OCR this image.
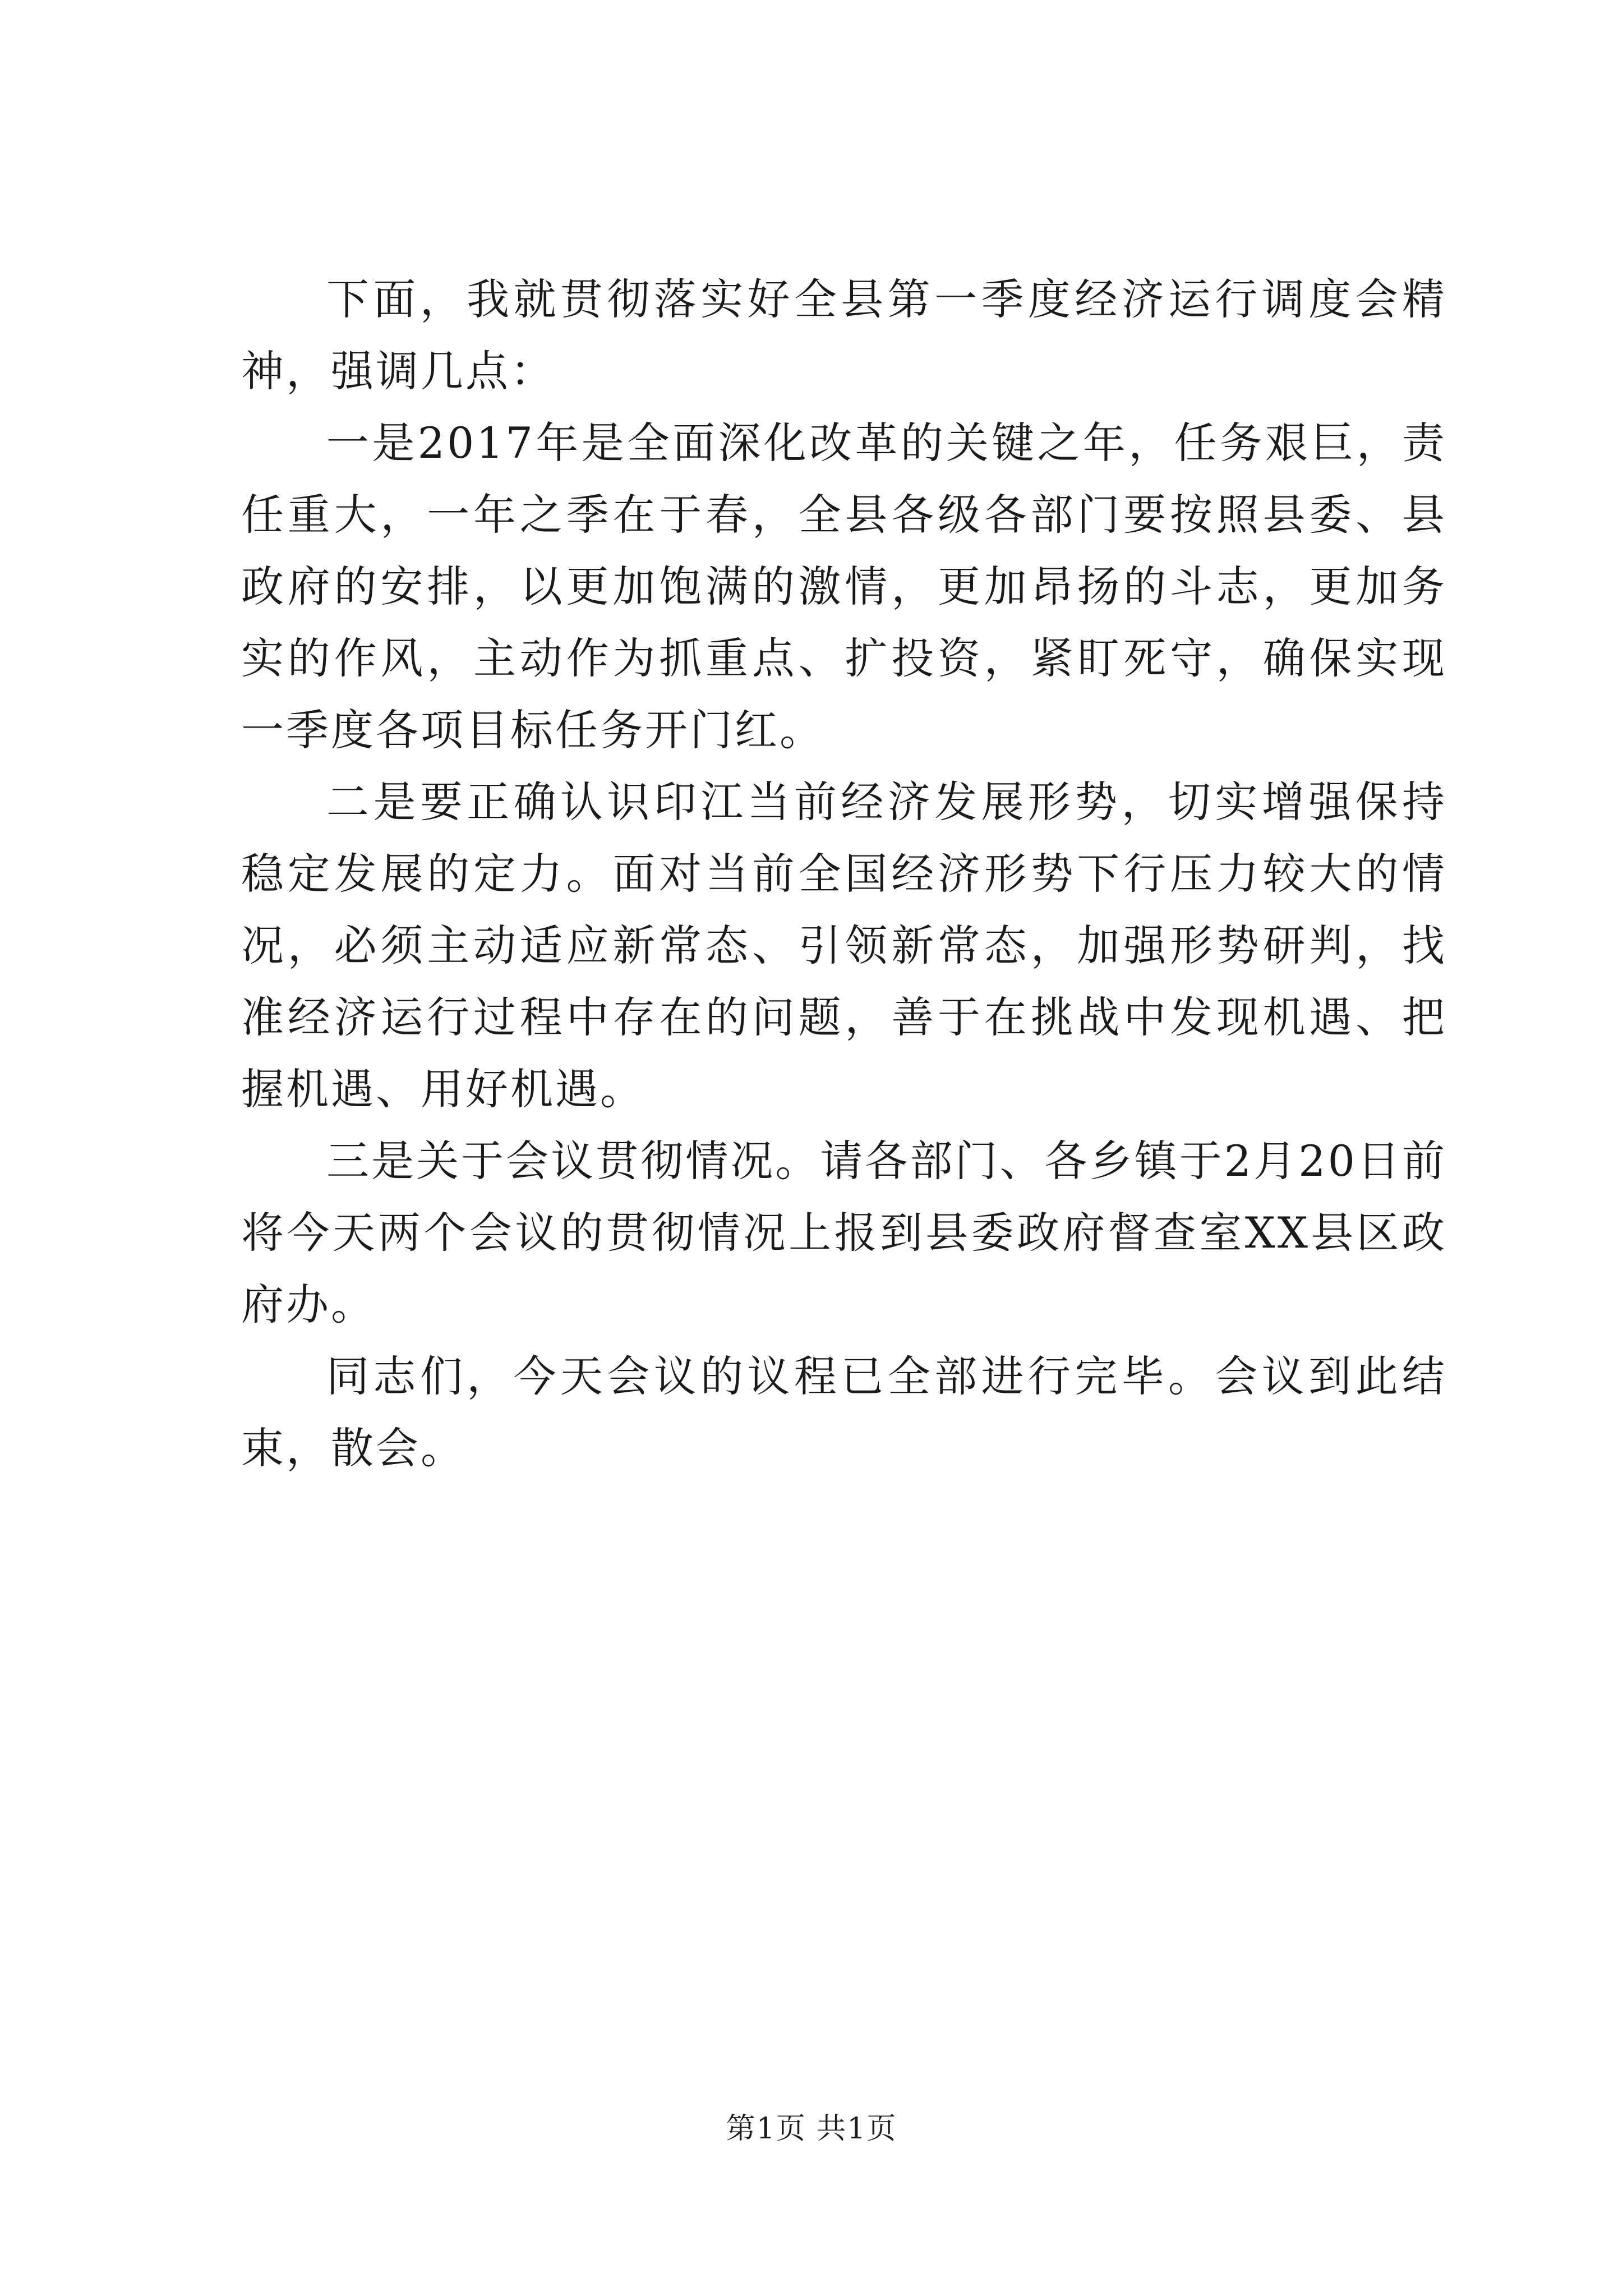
下面，我就贯彻落实好全县第一季度经济运行调度会精神，强调几点：

一是2017年是全面深化改革的关键之年，任务艰巨，责任重大，一年之季在于春，全县各级各部门要按照县委、县政府的安排，以更加饱满的激情，更加昂扬的斗志，更加务实的作风，主动作为抓重点、扩投资，紧盯死守，确保实现一季度各项目标任务开门红。

二是要正确认识印江当前经济发展形势，切实增强保持稳定发展的定力。面对当前全国经济形势下行压力较大的情况，必须主动适应新常态、引领新常态，加强形势研判，找准经济运行过程中存在的问题，善于在挑战中发现机遇、把握机遇、用好机遇。

三是关于会议贯彻情况。请各部门、各乡镇于2月20日前将今天两个会议的贯彻情况上报到县委政府督查室XX县区政府办。

同志们，今天会议的议程已全部进行完毕。会议到此结束，散会。

第1页 共1页
